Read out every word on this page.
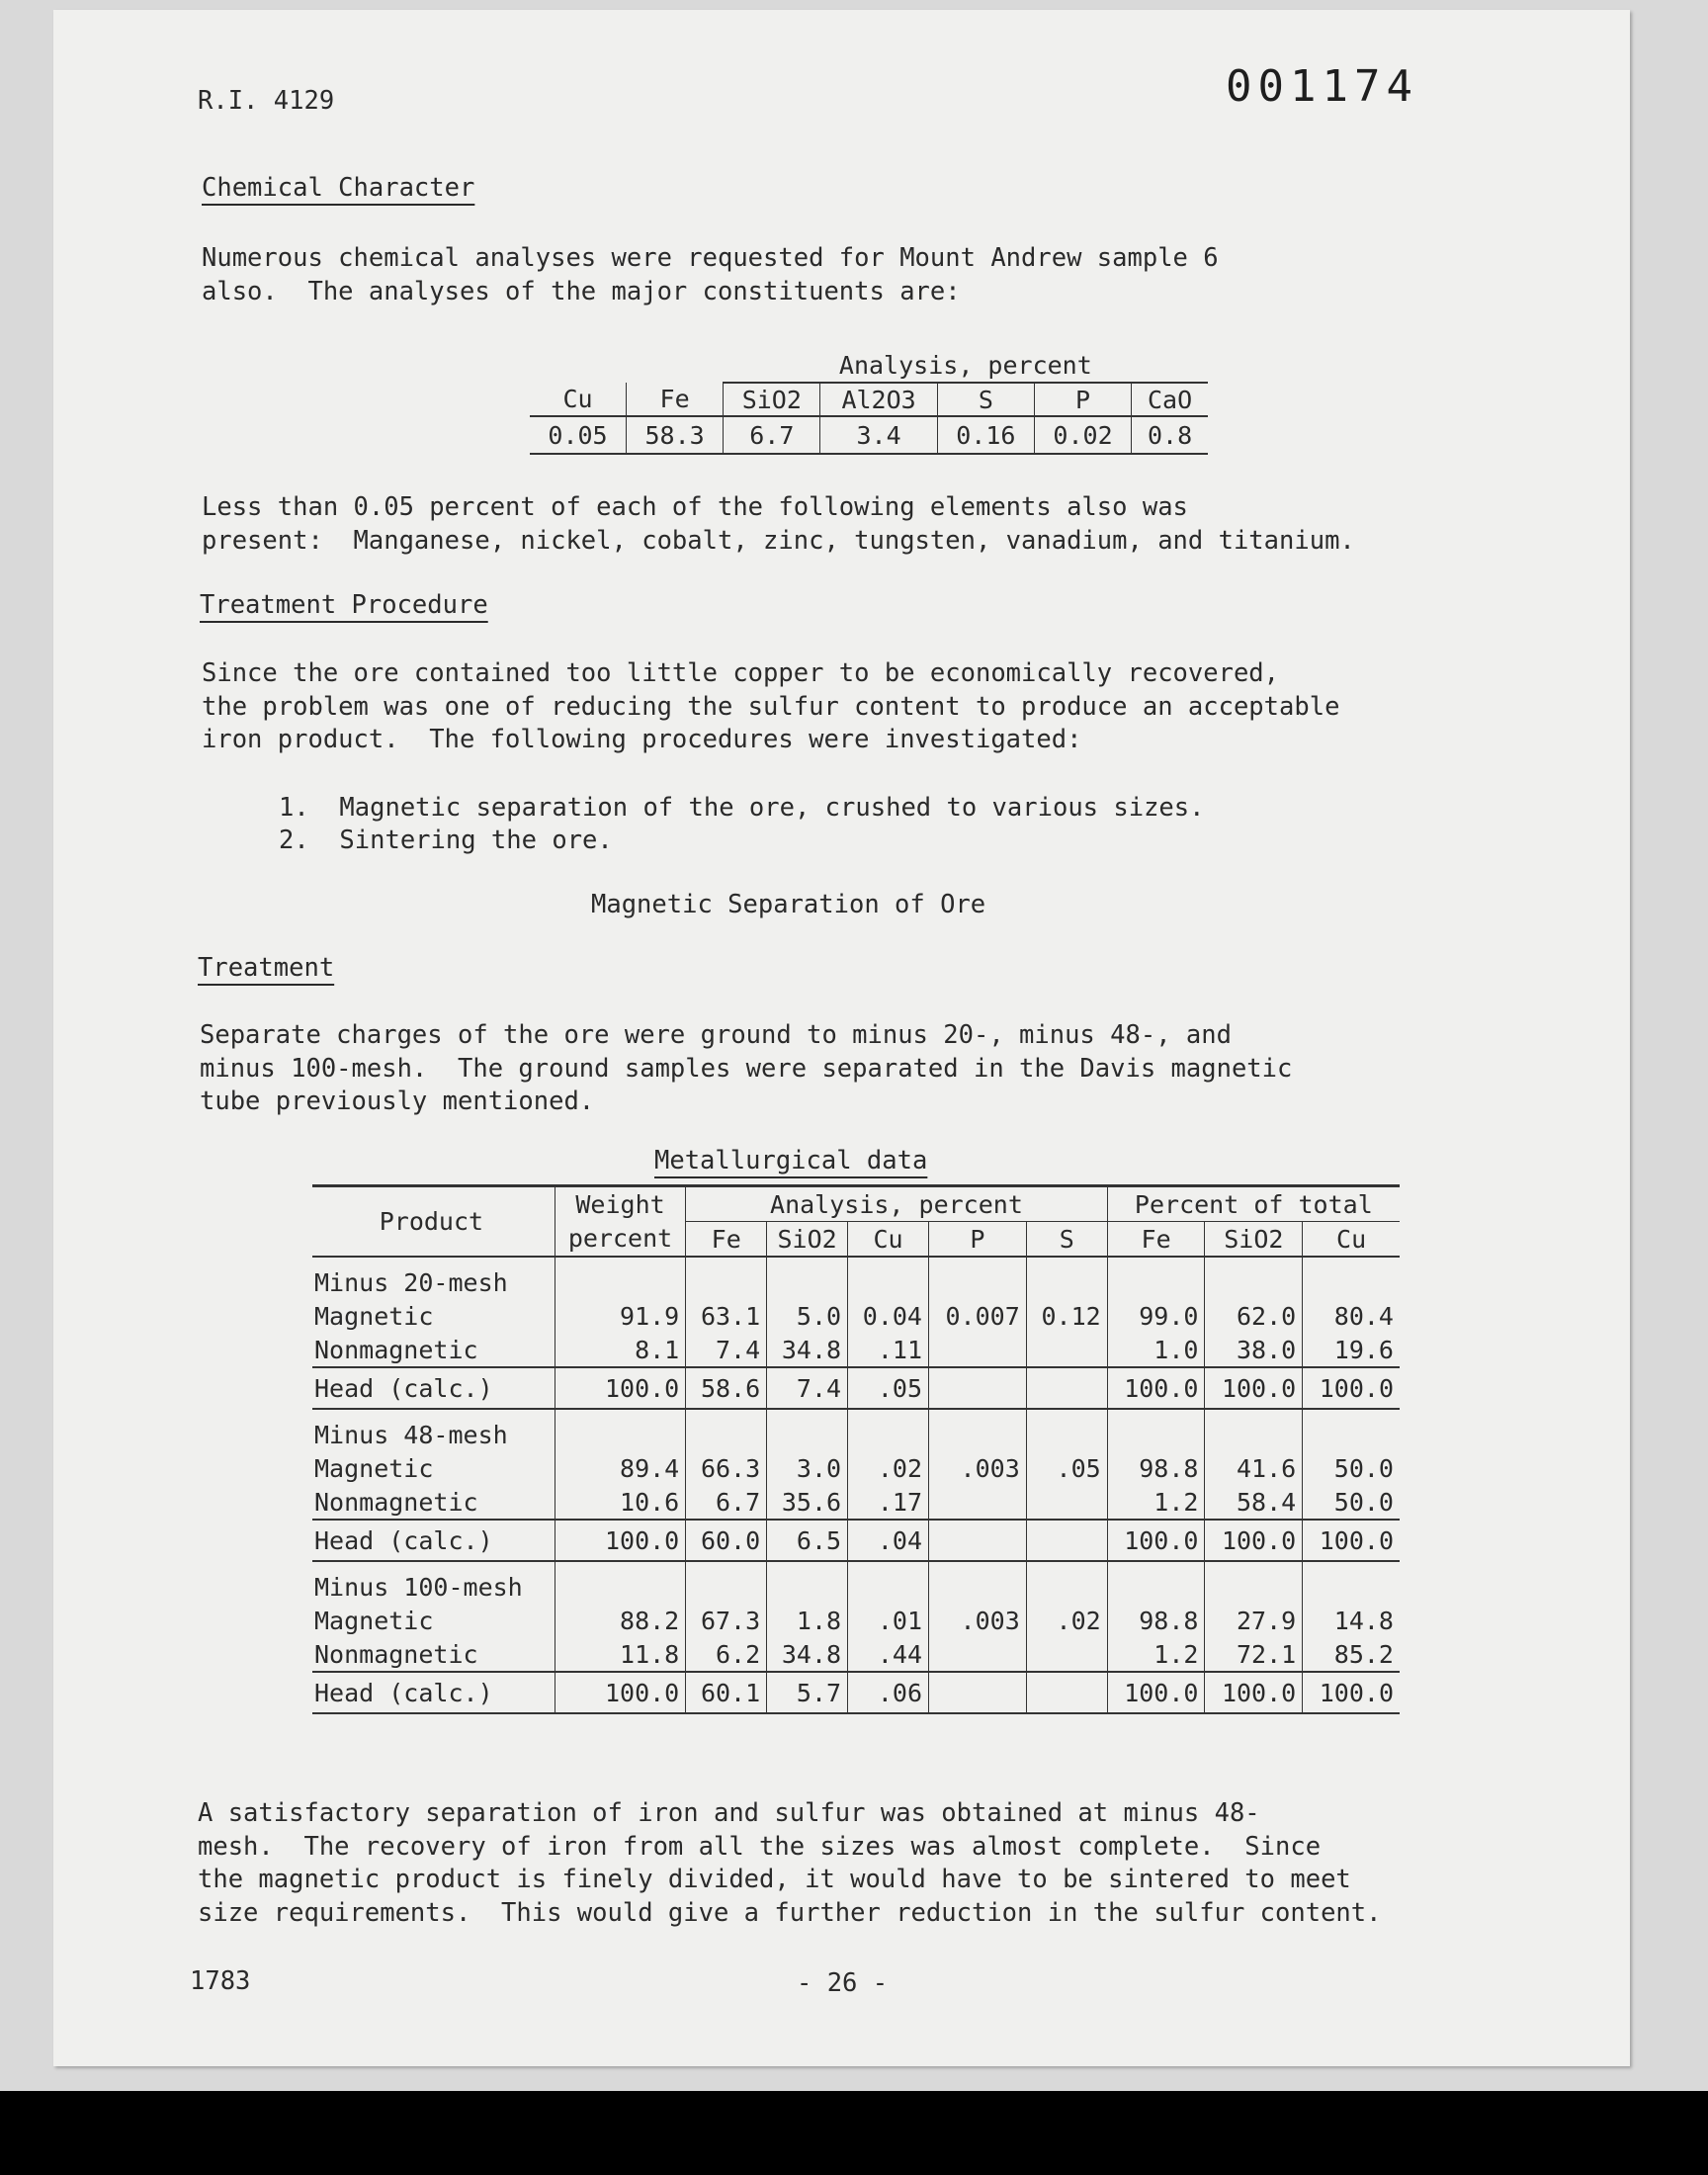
001174
R.I. 4129
Chemical Character
Numerous chemical analyses were requested for Mount Andrew sample 6
also.  The analyses of the major constituents are:
		Analysis, percent				
Cu	Fe	SiO2	Al2O3	S	P	CaO
0.05	58.3	6.7	3.4	0.16	0.02	0.8
Less than 0.05 percent of each of the following elements also was
present:  Manganese, nickel, cobalt, zinc, tungsten, vanadium, and titanium.
Treatment Procedure
Since the ore contained too little copper to be economically recovered,
the problem was one of reducing the sulfur content to produce an acceptable
iron product.  The following procedures were investigated:
1.  Magnetic separation of the ore, crushed to various sizes.
2.  Sintering the ore.
Magnetic Separation of Ore
Treatment
Separate charges of the ore were ground to minus 20-, minus 48-, and
minus 100-mesh.  The ground samples were separated in the Davis magnetic
tube previously mentioned.
Metallurgical data
Product	Weight	Analysis, percent					Percent of total		
	percent	Fe	SiO2	Cu	P	S	Fe	SiO2	Cu
Minus 20-mesh									
Magnetic	91.9	63.1	5.0	0.04	0.007	0.12	99.0	62.0	80.4
Nonmagnetic	8.1	7.4	34.8	.11			1.0	38.0	19.6
Head (calc.)	100.0	58.6	7.4	.05			100.0	100.0	100.0
Minus 48-mesh									
Magnetic	89.4	66.3	3.0	.02	.003	.05	98.8	41.6	50.0
Nonmagnetic	10.6	6.7	35.6	.17			1.2	58.4	50.0
Head (calc.)	100.0	60.0	6.5	.04			100.0	100.0	100.0
Minus 100-mesh									
Magnetic	88.2	67.3	1.8	.01	.003	.02	98.8	27.9	14.8
Nonmagnetic	11.8	6.2	34.8	.44			1.2	72.1	85.2
Head (calc.)	100.0	60.1	5.7	.06			100.0	100.0	100.0
A satisfactory separation of iron and sulfur was obtained at minus 48-
mesh.  The recovery of iron from all the sizes was almost complete.  Since
the magnetic product is finely divided, it would have to be sintered to meet
size requirements.  This would give a further reduction in the sulfur content.
1783	- 26 -
